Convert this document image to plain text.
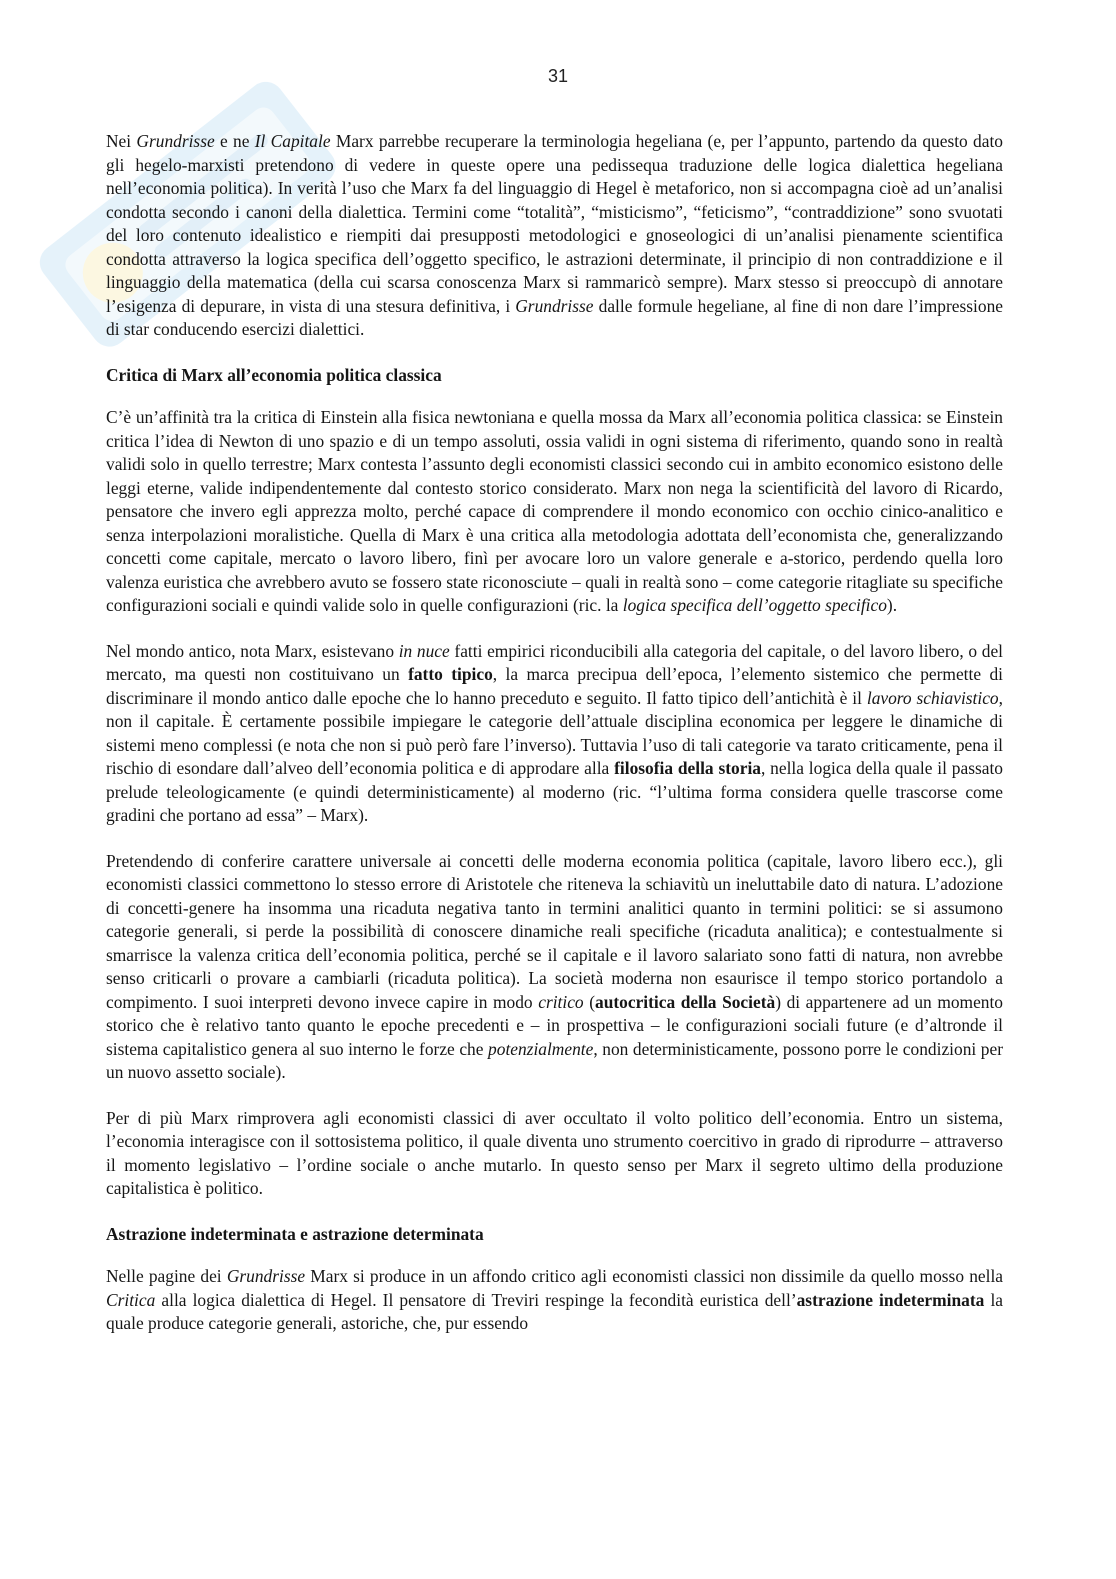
31

Nei Grundrisse e ne Il Capitale Marx parrebbe recuperare la terminologia hegeliana (e, per l’appunto, partendo da questo dato gli hegelo-marxisti pretendono di vedere in queste opere una pedissequa traduzione delle logica dialettica hegeliana nell’economia politica). In verità l’uso che Marx fa del linguaggio di Hegel è metaforico, non si accompagna cioè ad un’analisi condotta secondo i canoni della dialettica. Termini come “totalità”, “misticismo”, “feticismo”, “contraddizione” sono svuotati del loro contenuto idealistico e riempiti dai presupposti metodologici e gnoseologici di un’analisi pienamente scientifica condotta attraverso la logica specifica dell’oggetto specifico, le astrazioni determinate, il principio di non contraddizione e il linguaggio della matematica (della cui scarsa conoscenza Marx si rammaricò sempre). Marx stesso si preoccupò di annotare l’esigenza di depurare, in vista di una stesura definitiva, i Grundrisse dalle formule hegeliane, al fine di non dare l’impressione di star conducendo esercizi dialettici.

Critica di Marx all’economia politica classica

C’è un’affinità tra la critica di Einstein alla fisica newtoniana e quella mossa da Marx all’economia politica classica: se Einstein critica l’idea di Newton di uno spazio e di un tempo assoluti, ossia validi in ogni sistema di riferimento, quando sono in realtà validi solo in quello terrestre; Marx contesta l’assunto degli economisti classici secondo cui in ambito economico esistono delle leggi eterne, valide indipendentemente dal contesto storico considerato. Marx non nega la scientificità del lavoro di Ricardo, pensatore che invero egli apprezza molto, perché capace di comprendere il mondo economico con occhio cinico-analitico e senza interpolazioni moralistiche. Quella di Marx è una critica alla metodologia adottata dell’economista che, generalizzando concetti come capitale, mercato o lavoro libero, finì per avocare loro un valore generale e a-storico, perdendo quella loro valenza euristica che avrebbero avuto se fossero state riconosciute – quali in realtà sono – come categorie ritagliate su specifiche configurazioni sociali e quindi valide solo in quelle configurazioni (ric. la logica specifica dell’oggetto specifico).

Nel mondo antico, nota Marx, esistevano in nuce fatti empirici riconducibili alla categoria del capitale, o del lavoro libero, o del mercato, ma questi non costituivano un fatto tipico, la marca precipua dell’epoca, l’elemento sistemico che permette di discriminare il mondo antico dalle epoche che lo hanno preceduto e seguito. Il fatto tipico dell’antichità è il lavoro schiavistico, non il capitale. È certamente possibile impiegare le categorie dell’attuale disciplina economica per leggere le dinamiche di sistemi meno complessi (e nota che non si può però fare l’inverso). Tuttavia l’uso di tali categorie va tarato criticamente, pena il rischio di esondare dall’alveo dell’economia politica e di approdare alla filosofia della storia, nella logica della quale il passato prelude teleologicamente (e quindi deterministicamente) al moderno (ric. “l’ultima forma considera quelle trascorse come gradini che portano ad essa” – Marx).

Pretendendo di conferire carattere universale ai concetti delle moderna economia politica (capitale, lavoro libero ecc.), gli economisti classici commettono lo stesso errore di Aristotele che riteneva la schiavitù un ineluttabile dato di natura. L’adozione di concetti-genere ha insomma una ricaduta negativa tanto in termini analitici quanto in termini politici: se si assumono categorie generali, si perde la possibilità di conoscere dinamiche reali specifiche (ricaduta analitica); e contestualmente si smarrisce la valenza critica dell’economia politica, perché se il capitale e il lavoro salariato sono fatti di natura, non avrebbe senso criticarli o provare a cambiarli (ricaduta politica). La società moderna non esaurisce il tempo storico portandolo a compimento. I suoi interpreti devono invece capire in modo critico (autocritica della Società) di appartenere ad un momento storico che è relativo tanto quanto le epoche precedenti e – in prospettiva – le configurazioni sociali future (e d’altronde il sistema capitalistico genera al suo interno le forze che potenzialmente, non deterministicamente, possono porre le condizioni per un nuovo assetto sociale).

Per di più Marx rimprovera agli economisti classici di aver occultato il volto politico dell’economia. Entro un sistema, l’economia interagisce con il sottosistema politico, il quale diventa uno strumento coercitivo in grado di riprodurre – attraverso il momento legislativo – l’ordine sociale o anche mutarlo. In questo senso per Marx il segreto ultimo della produzione capitalistica è politico.

Astrazione indeterminata e astrazione determinata

Nelle pagine dei Grundrisse Marx si produce in un affondo critico agli economisti classici non dissimile da quello mosso nella Critica alla logica dialettica di Hegel. Il pensatore di Treviri respinge la fecondità euristica dell’astrazione indeterminata la quale produce categorie generali, astoriche, che, pur essendo
